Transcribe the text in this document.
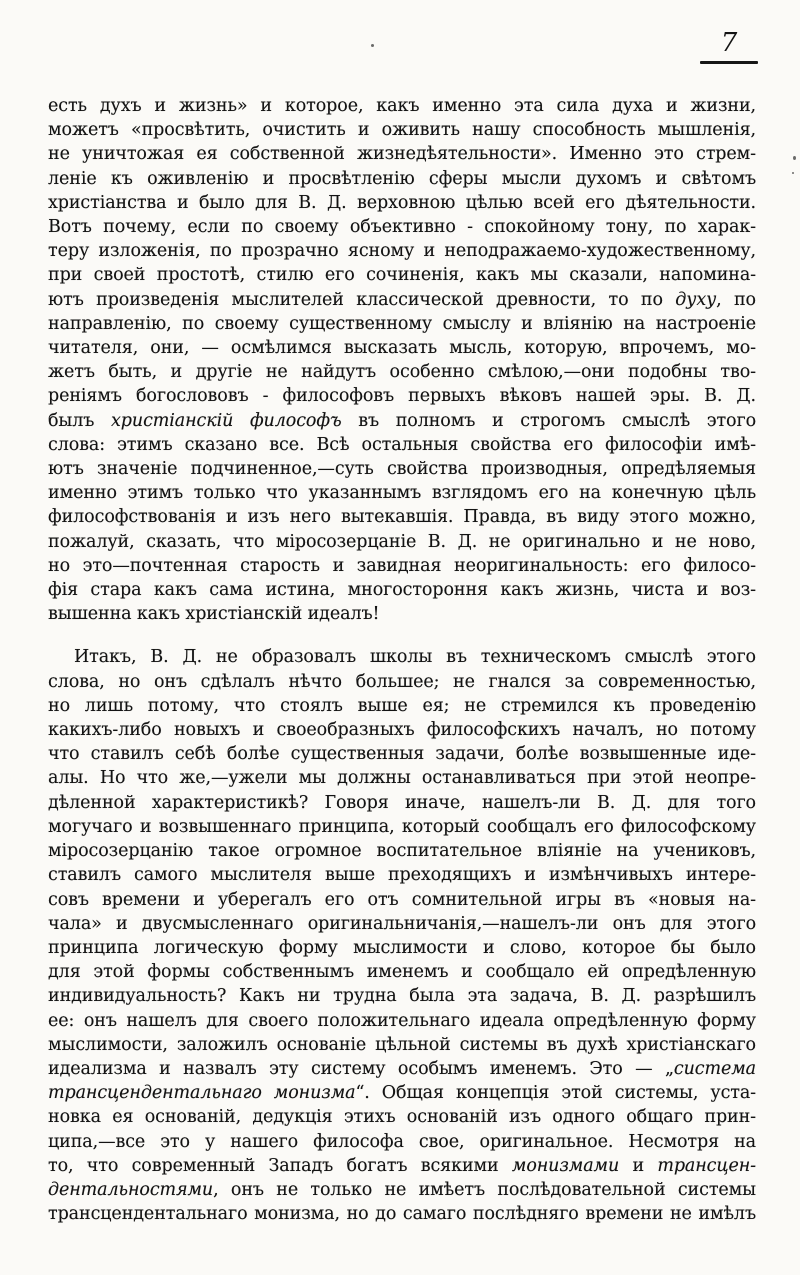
7
есть духъ и жизнь» и которое, какъ именно эта сила духа и жизни,
можетъ «просвѣтить, очистить и оживить нашу способность мышленія,
не уничтожая ея собственной жизнедѣятельности». Именно это стрем-
леніе къ оживленію и просвѣтленію сферы мысли духомъ и свѣтомъ
христіанства и было для В. Д. верховною цѣлью всей его дѣятельности.
Вотъ почему, если по своему объективно - спокойному тону, по харак-
теру изложенія, по прозрачно ясному и неподражаемо-художественному,
при своей простотѣ, стилю его сочиненія, какъ мы сказали, напомина-
ютъ произведенія мыслителей классической древности, то по духу, по
направленію, по своему существенному смыслу и вліянію на настроеніе
читателя, они, — осмѣлимся высказать мысль, которую, впрочемъ, мо-
жетъ быть, и другіе не найдутъ особенно смѣлою,—они подобны тво-
реніямъ богослововъ - философовъ первыхъ вѣковъ нашей эры. В. Д.
былъ христіанскій философъ въ полномъ и строгомъ смыслѣ этого
слова: этимъ сказано все. Всѣ остальныя свойства его философіи имѣ-
ютъ значеніе подчиненное,—суть свойства производныя, опредѣляемыя
именно этимъ только что указаннымъ взглядомъ его на конечную цѣль
философствованія и изъ него вытекавшія. Правда, въ виду этого можно,
пожалуй, сказать, что міросозерцаніе В. Д. не оригинально и не ново,
но это—почтенная старость и завидная неоригинальность: его филосо-
фія стара какъ сама истина, многостороння какъ жизнь, чиста и воз-
вышенна какъ христіанскій идеалъ!
Итакъ, В. Д. не образовалъ школы въ техническомъ смыслѣ этого
слова, но онъ сдѣлалъ нѣчто большее; не гнался за современностью,
но лишь потому, что стоялъ выше ея; не стремился къ проведенію
какихъ-либо новыхъ и своеобразныхъ философскихъ началъ, но потому
что ставилъ себѣ болѣе существенныя задачи, болѣе возвышенные иде-
алы. Но что же,—ужели мы должны останавливаться при этой неопре-
дѣленной характеристикѣ? Говоря иначе, нашелъ-ли В. Д. для того
могучаго и возвышеннаго принципа, который сообщалъ его философскому
міросозерцанію такое огромное воспитательное вліяніе на учениковъ,
ставилъ самого мыслителя выше преходящихъ и измѣнчивыхъ интере-
совъ времени и уберегалъ его отъ сомнительной игры въ «новыя на-
чала» и двусмысленнаго оригинальничанія,—нашелъ-ли онъ для этого
принципа логическую форму мыслимости и слово, которое бы было
для этой формы собственнымъ именемъ и сообщало ей опредѣленную
индивидуальность? Какъ ни трудна была эта задача, В. Д. разрѣшилъ
ее: онъ нашелъ для своего положительнаго идеала опредѣленную форму
мыслимости, заложилъ основаніе цѣльной системы въ духѣ христіанскаго
идеализма и назвалъ эту систему особымъ именемъ. Это — „система
трансцендентальнаго монизма“. Общая концепція этой системы, уста-
новка ея основаній, дедукція этихъ основаній изъ одного общаго прин-
ципа,—все это у нашего философа свое, оригинальное. Несмотря на
то, что современный Западъ богатъ всякими монизмами и трансцен-
дентальностями, онъ не только не имѣетъ послѣдовательной системы
трансцендентальнаго монизма, но до самаго послѣдняго времени не имѣлъ
